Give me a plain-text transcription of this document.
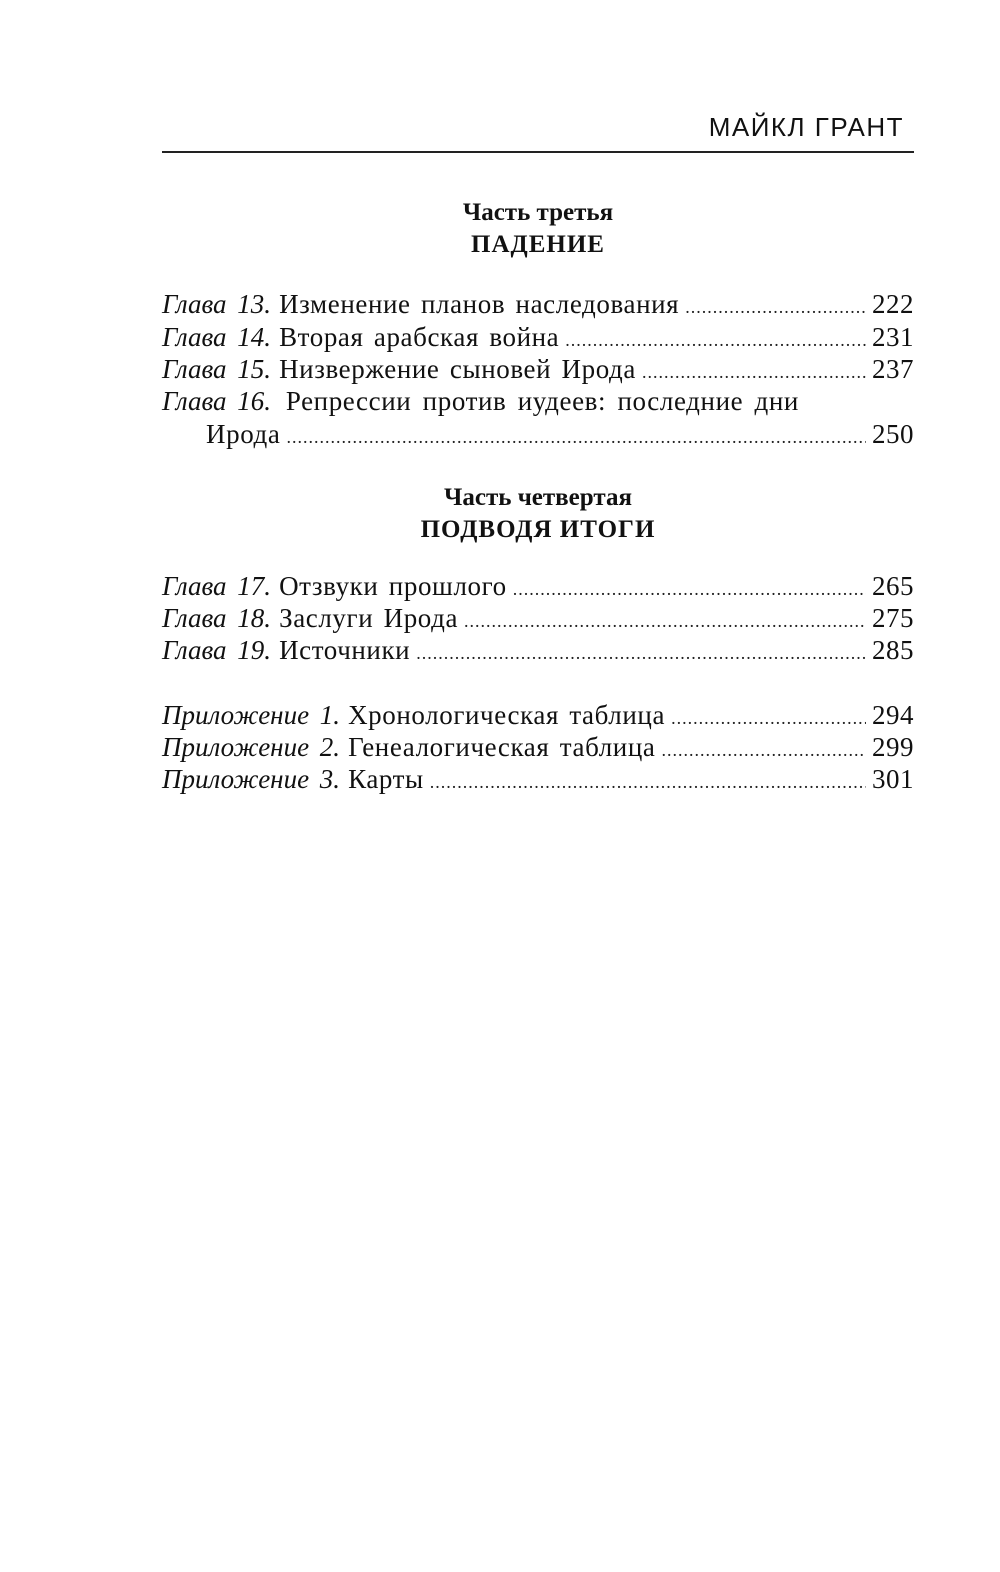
МАЙКЛ ГРАНТ
Часть третья
ПАДЕНИЕ
Глава 13. Изменение планов наследования .....	222
Глава 14. Вторая арабская война .....	231
Глава 15. Низвержение сыновей Ирода .....	237
Глава 16. Репрессии против иудеев: последние дни
Ирода .....	250
Часть четвертая
ПОДВОДЯ ИТОГИ
Глава 17. Отзвуки прошлого .....	265
Глава 18. Заслуги Ирода .....	275
Глава 19. Источники .....	285
Приложение 1. Хронологическая таблица .....	294
Приложение 2. Генеалогическая таблица .....	299
Приложение 3. Карты .....	301
